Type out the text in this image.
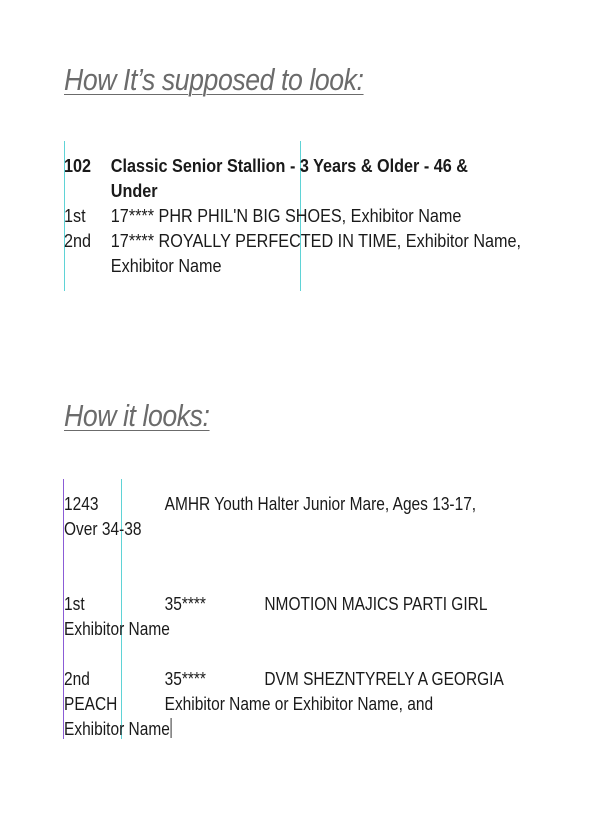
How It’s supposed to look:
How it looks:
102	Classic Senior Stallion - 3 Years & Older - 46 &
Under
1st	17**** PHR PHIL'N BIG SHOES, Exhibitor Name
2nd	17**** ROYALLY PERFECTED IN TIME, Exhibitor Name,
Exhibitor Name
1243	AMHR Youth Halter Junior Mare, Ages 13-17,
Over 34-38
1st	35****	NMOTION MAJICS PARTI GIRL
Exhibitor Name
2nd	35****	DVM SHEZNTYRELY A GEORGIA
PEACH	Exhibitor Name or Exhibitor Name, and
Exhibitor Name
